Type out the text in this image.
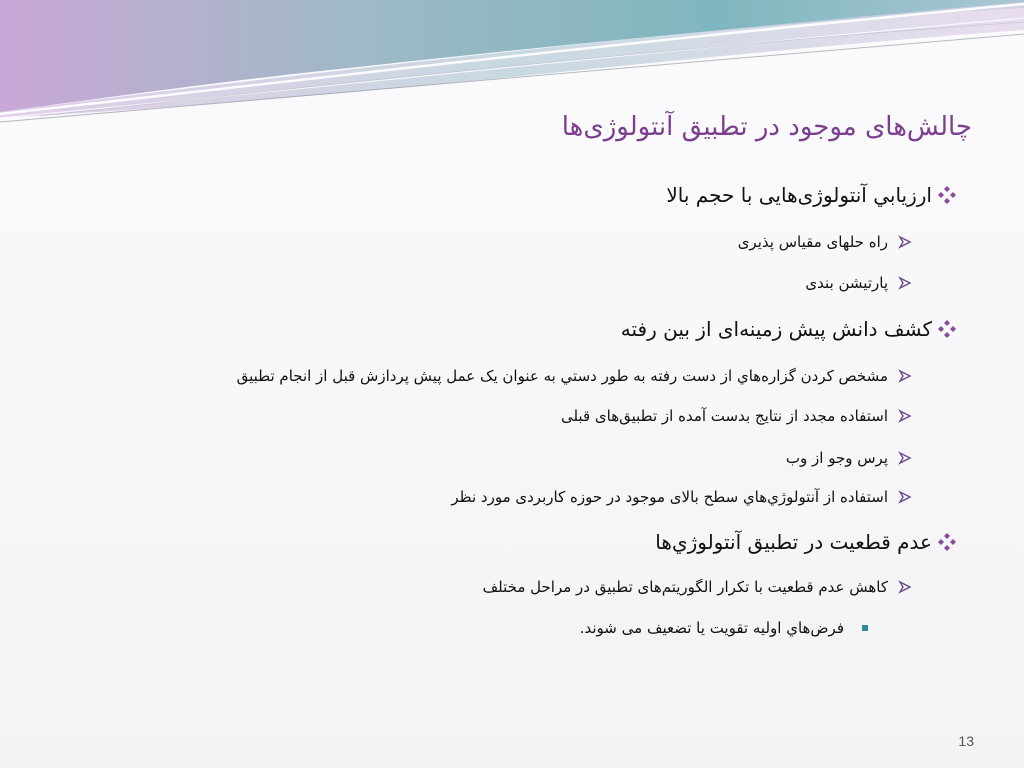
چالش‌های موجود در تطبیق آنتولوژی‌ها
ارزيابي آنتولوژی‌هایی با حجم بالا
راه حلهای مقیاس پذیری
پارتیشن بندی
کشف دانش پیش زمینه‌ای از بین رفته
مشخص کردن گزاره‌هاي از دست رفته به طور دستي به عنوان یک عمل پیش پردازش قبل از انجام تطبیق
استفاده مجدد از نتایج بدست آمده از تطبیق‌های قبلی
پرس وجو از وب
استفاده از آنتولوژي‌هاي سطح بالای موجود در حوزه کاربردی مورد نظر
عدم قطعیت در تطبیق آنتولوژي‌ها
کاهش عدم قطعیت با تکرار الگوریتم‌های تطبیق در مراحل مختلف
فرض‌هاي اولیه تقویت یا تضعیف می شوند.
13
